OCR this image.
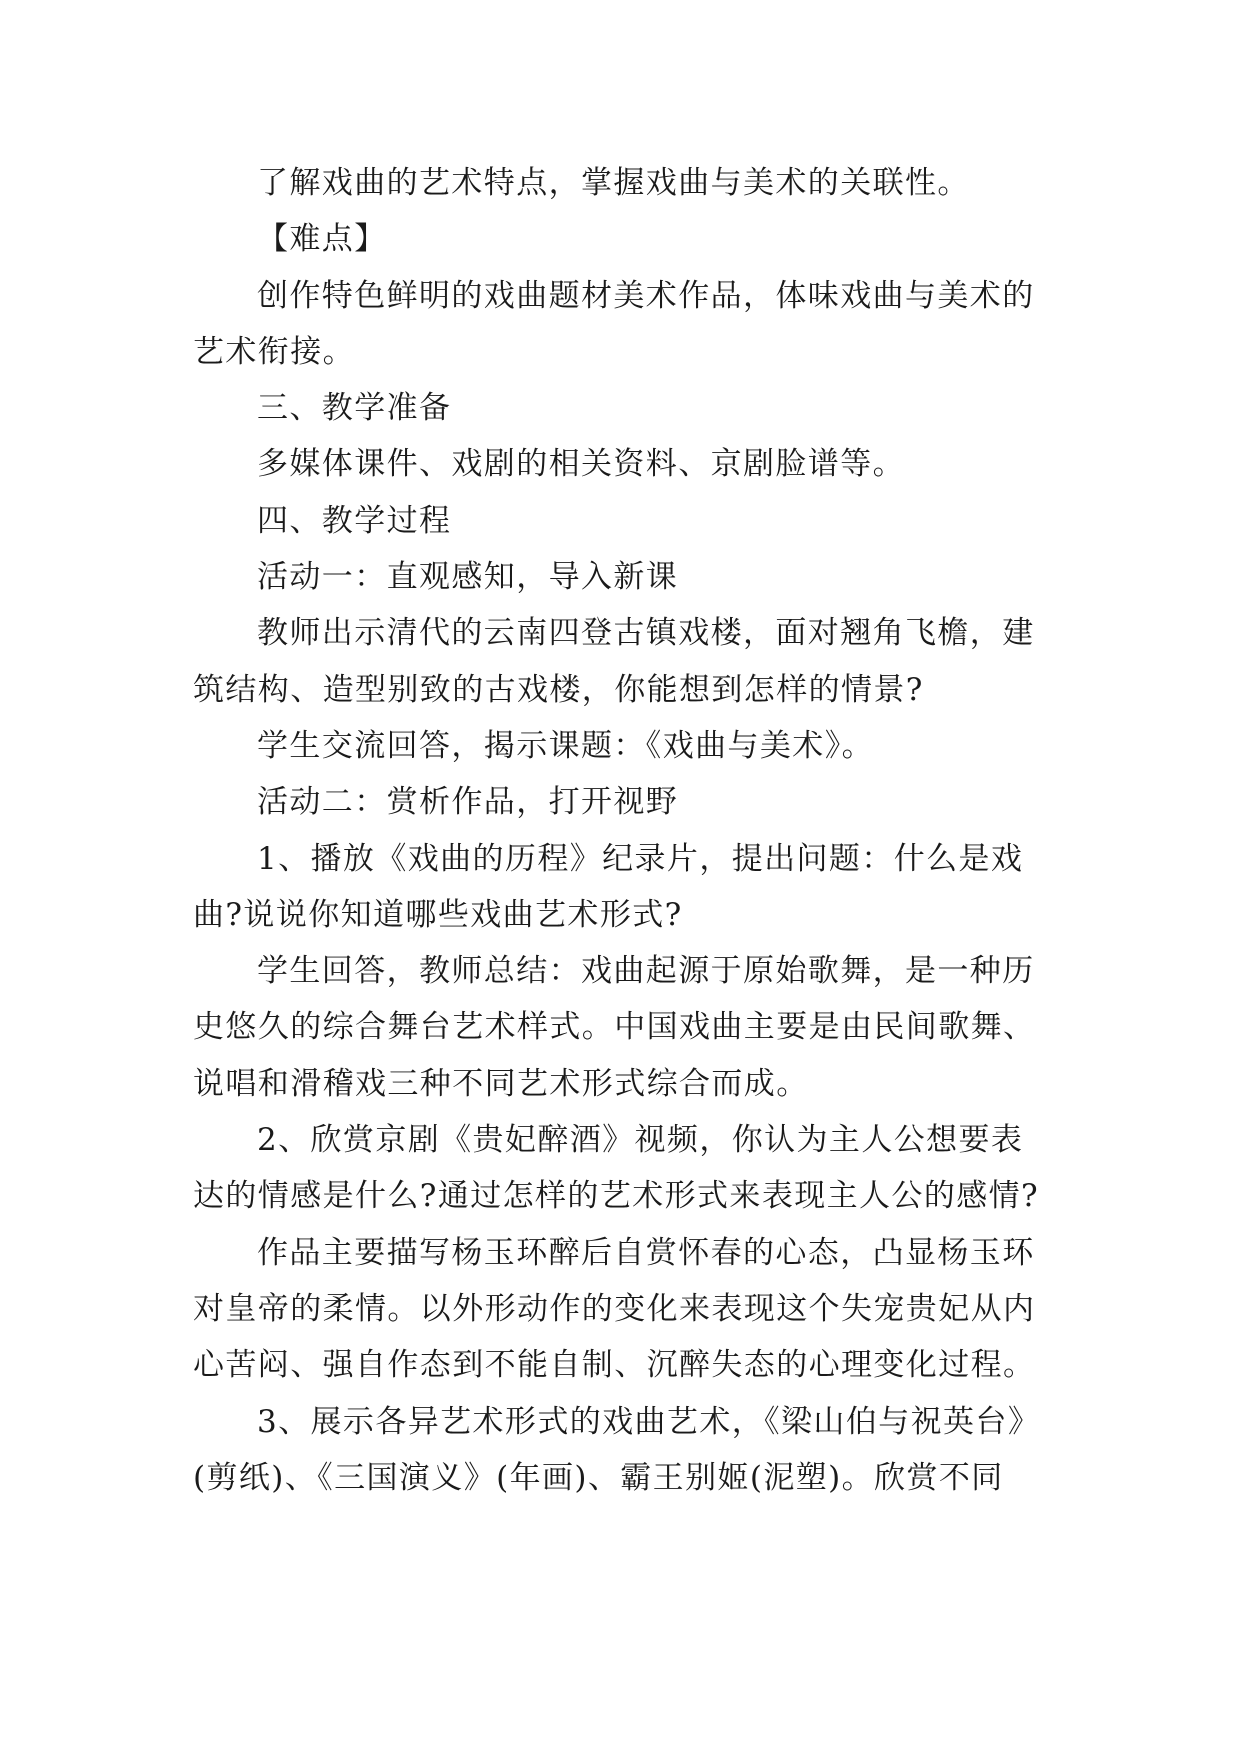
了解戏曲的艺术特点，掌握戏曲与美术的关联性。
【难点】
创作特色鲜明的戏曲题材美术作品，体味戏曲与美术的
艺术衔接。
三、教学准备
多媒体课件、戏剧的相关资料、京剧脸谱等。
四、教学过程
活动一：直观感知，导入新课
教师出示清代的云南四登古镇戏楼，面对翘角飞檐，建
筑结构、造型别致的古戏楼，你能想到怎样的情景?
学生交流回答，揭示课题：《戏曲与美术》。
活动二：赏析作品，打开视野
1、播放《戏曲的历程》纪录片，提出问题：什么是戏
曲?说说你知道哪些戏曲艺术形式?
学生回答，教师总结：戏曲起源于原始歌舞，是一种历
史悠久的综合舞台艺术样式。中国戏曲主要是由民间歌舞、
说唱和滑稽戏三种不同艺术形式综合而成。
2、欣赏京剧《贵妃醉酒》视频，你认为主人公想要表
达的情感是什么?通过怎样的艺术形式来表现主人公的感情?
作品主要描写杨玉环醉后自赏怀春的心态，凸显杨玉环
对皇帝的柔情。以外形动作的变化来表现这个失宠贵妃从内
心苦闷、强自作态到不能自制、沉醉失态的心理变化过程。
3、展示各异艺术形式的戏曲艺术，《梁山伯与祝英台》
(剪纸)、《三国演义》(年画)、霸王别姬(泥塑)。欣赏不同
